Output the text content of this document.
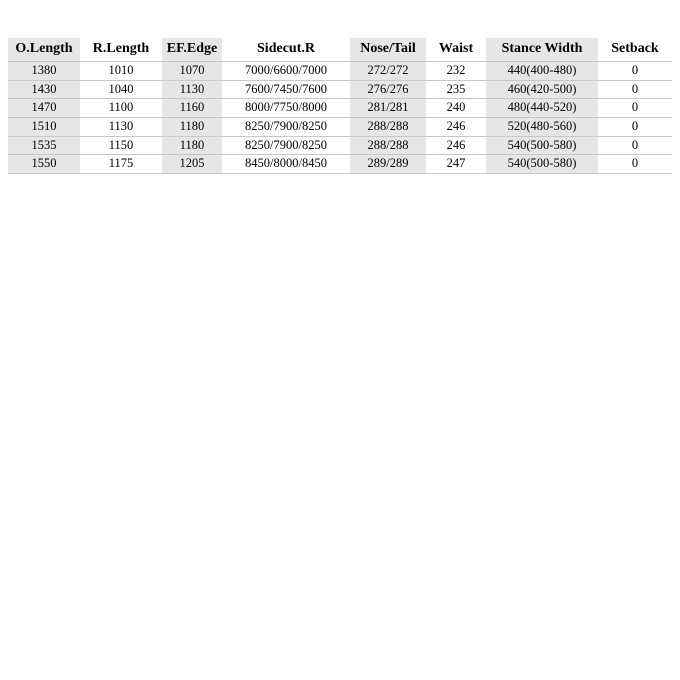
O.Length	R.Length	EF.Edge	Sidecut.R	Nose/Tail	Waist	Stance Width	Setback
1380	1010	1070	7000/6600/7000	272/272	232	440(400-480)	0
1430	1040	1130	7600/7450/7600	276/276	235	460(420-500)	0
1470	1100	1160	8000/7750/8000	281/281	240	480(440-520)	0
1510	1130	1180	8250/7900/8250	288/288	246	520(480-560)	0
1535	1150	1180	8250/7900/8250	288/288	246	540(500-580)	0
1550	1175	1205	8450/8000/8450	289/289	247	540(500-580)	0
